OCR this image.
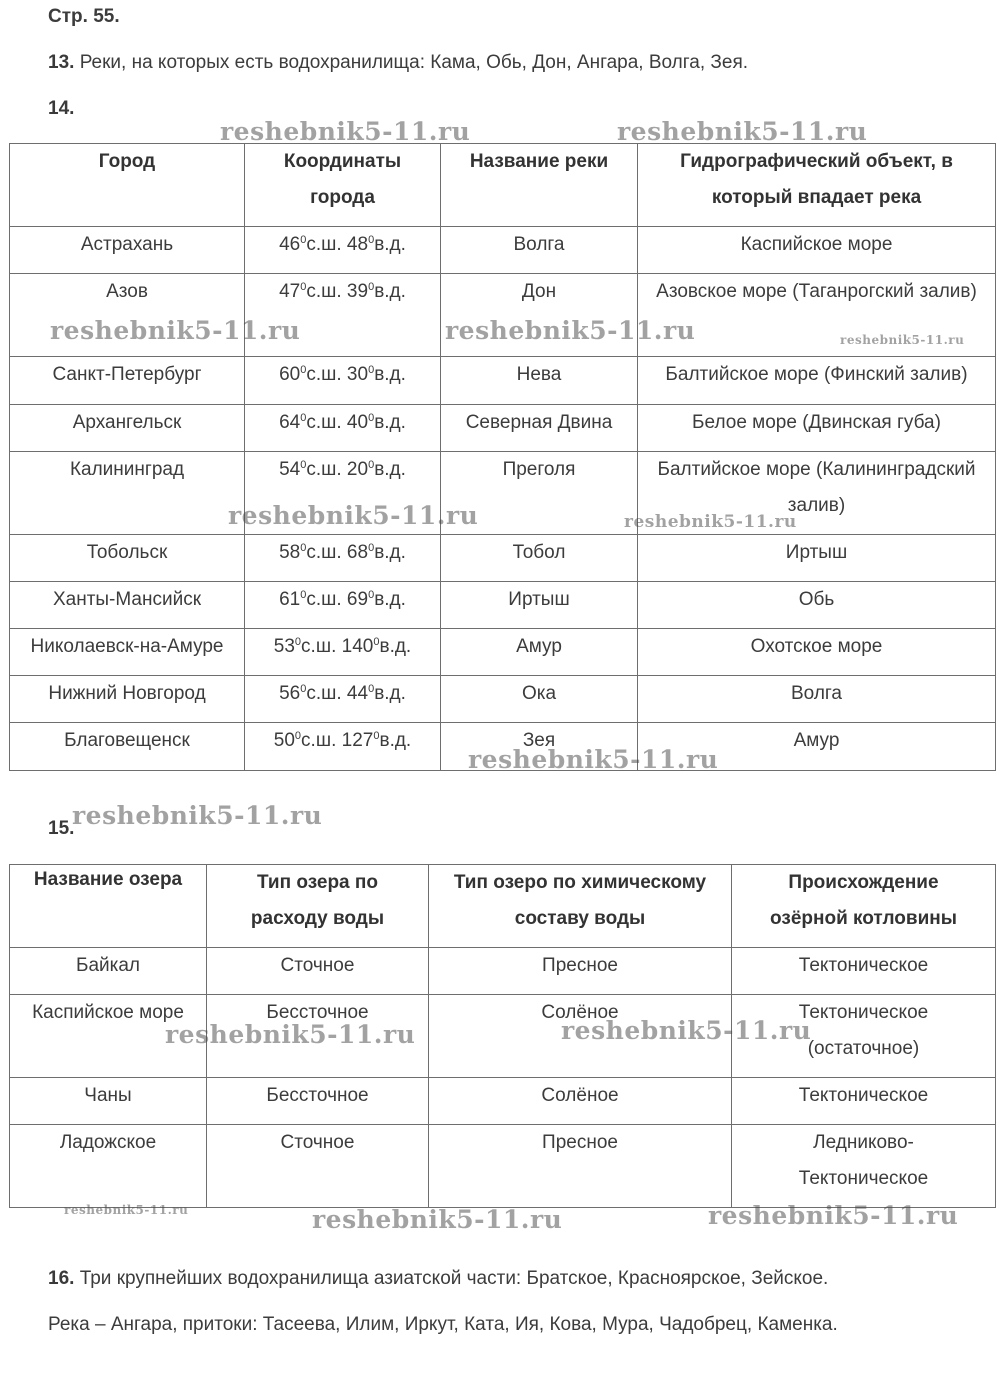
Стр. 55.

13. Реки, на которых есть водохранилища: Кама, Обь, Дон, Ангара, Волга, Зея.

14.

Город	Координаты города	Название реки	Гидрографический объект, в который впадает река
Астрахань	$46^0с.ш$. $48^0в.д$.	Волга	Каспийское море
Азов	$47^0с.ш$. $39^0в.д$.	Дон	Азовское море (Таганрогский залив)
Санкт-Петербург	$60^0с.ш$. $30^0в.д$.	Нева	Балтийское море (Финский залив)
Архангельск	$64^0с.ш$. $40^0в.д$.	Северная Двина	Белое море (Двинская губа)
Калининград	$54^0с.ш$. $20^0в.д$.	Преголя	Балтийское море (Калининградский залив)
Тобольск	$58^0с.ш$. $68^0в.д$.	Тобол	Иртыш
Ханты-Мансийск	$61^0с.ш$. $69^0в.д$.	Иртыш	Обь
Николаевск-на-Амуре	$53^0с.ш$. $140^0в.д$.	Амур	Охотское море
Нижний Новгород	$56^0с.ш$. $44^0в.д$.	Ока	Волга
Благовещенск	$50^0с.ш$. $127^0в.д$.	Зея	Амур

15.

Название озера	Тип озера по расходу воды	Тип озеро по химическому составу воды	Происхождение озёрной котловины
Байкал	Сточное	Пресное	Тектоническое
Каспийское море	Бессточное	Солёное	Тектоническое (остаточное)
Чаны	Бессточное	Солёное	Тектоническое
Ладожское	Сточное	Пресное	Ледниково-Тектоническое

16. Три крупнейших водохранилища азиатской части: Братское, Красноярское, Зейское.

Река – Ангара, притоки: Тасеева, Илим, Иркут, Ката, Ия, Кова, Мура, Чадобрец, Каменка.

reshebnik5-11.ru	reshebnik5-11.ru
reshebnik5-11.ru	reshebnik5-11.ru	reshebnik5-11.ru
reshebnik5-11.ru	reshebnik5-11.ru
reshebnik5-11.ru
reshebnik5-11.ru
reshebnik5-11.ru	reshebnik5-11.ru
reshebnik5-11.ru	reshebnik5-11.ru	reshebnik5-11.ru
